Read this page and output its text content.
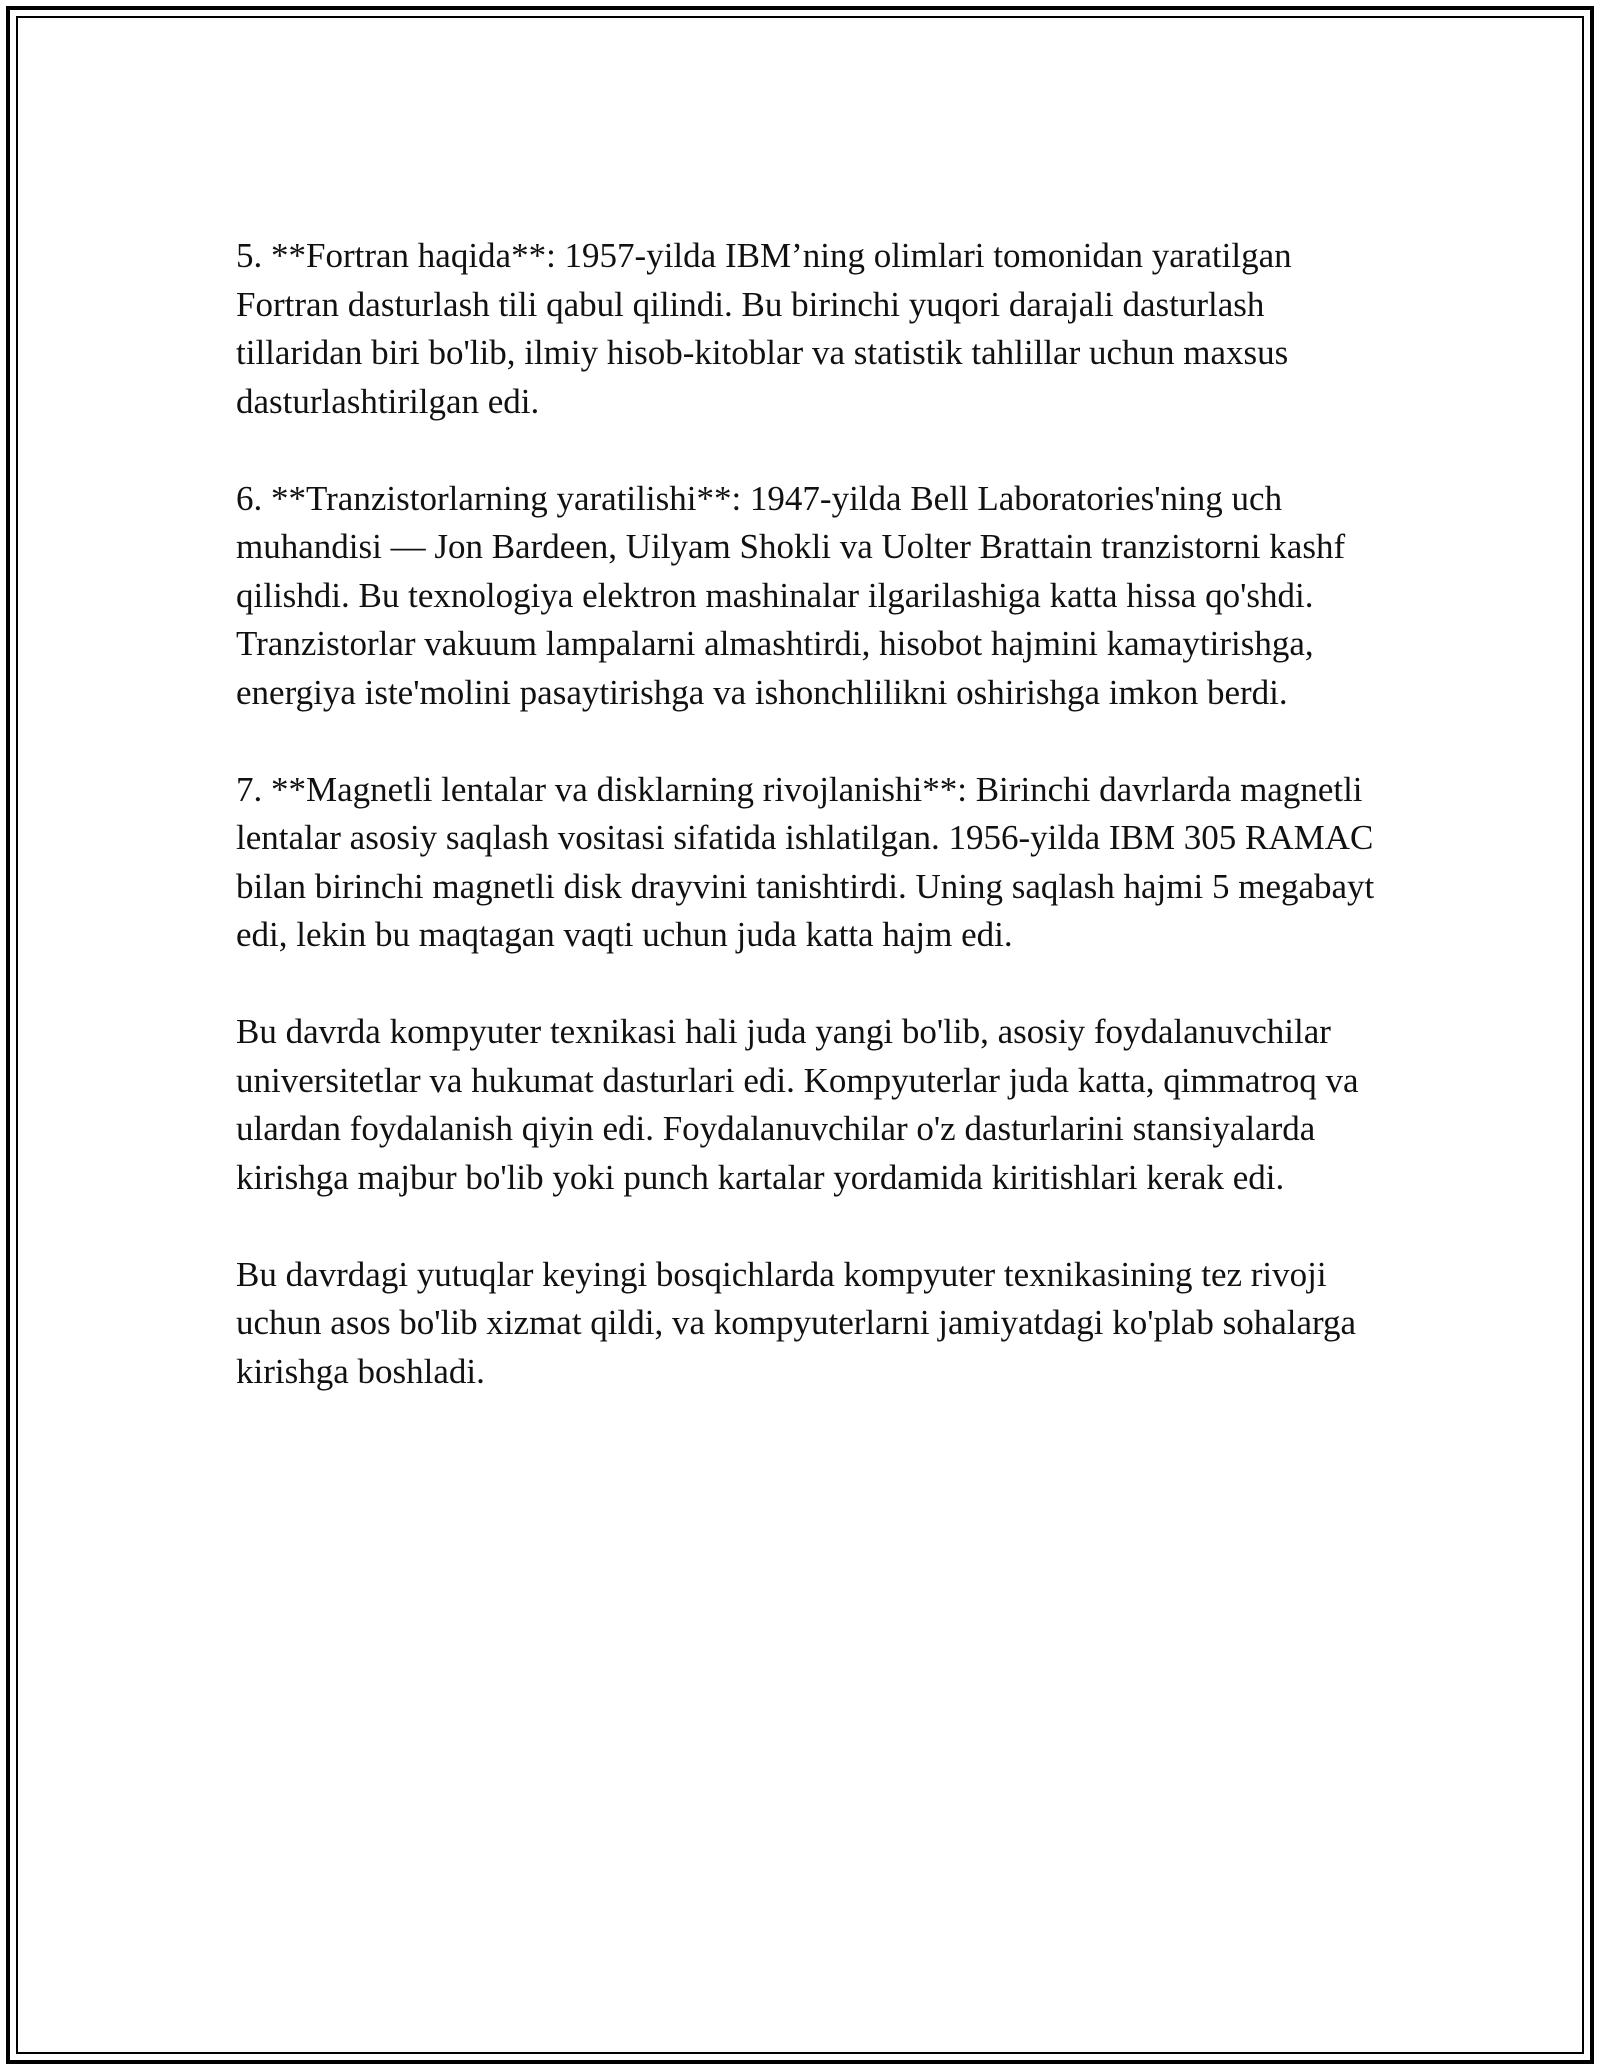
5. **Fortran haqida**: 1957-yilda IBM’ning olimlari tomonidan yaratilgan Fortran dasturlash tili qabul qilindi. Bu birinchi yuqori darajali dasturlash tillaridan biri bo'lib, ilmiy hisob-kitoblar va statistik tahlillar uchun maxsus dasturlashtirilgan edi.

6. **Tranzistorlarning yaratilishi**: 1947-yilda Bell Laboratories'ning uch muhandisi — Jon Bardeen, Uilyam Shokli va Uolter Brattain tranzistorni kashf qilishdi. Bu texnologiya elektron mashinalar ilgarilashiga katta hissa qo'shdi. Tranzistorlar vakuum lampalarni almashtirdi, hisobot hajmini kamaytirishga, energiya iste'molini pasaytirishga va ishonchlilikni oshirishga imkon berdi.

7. **Magnetli lentalar va disklarning rivojlanishi**: Birinchi davrlarda magnetli lentalar asosiy saqlash vositasi sifatida ishlatilgan. 1956-yilda IBM 305 RAMAC bilan birinchi magnetli disk drayvini tanishtirdi. Uning saqlash hajmi 5 megabayt edi, lekin bu maqtagan vaqti uchun juda katta hajm edi.

Bu davrda kompyuter texnikasi hali juda yangi bo'lib, asosiy foydalanuvchilar universitetlar va hukumat dasturlari edi. Kompyuterlar juda katta, qimmatroq va ulardan foydalanish qiyin edi. Foydalanuvchilar o'z dasturlarini stansiyalarda kirishga majbur bo'lib yoki punch kartalar yordamida kiritishlari kerak edi.

Bu davrdagi yutuqlar keyingi bosqichlarda kompyuter texnikasining tez rivoji uchun asos bo'lib xizmat qildi, va kompyuterlarni jamiyatdagi ko'plab sohalarga kirishga boshladi.
